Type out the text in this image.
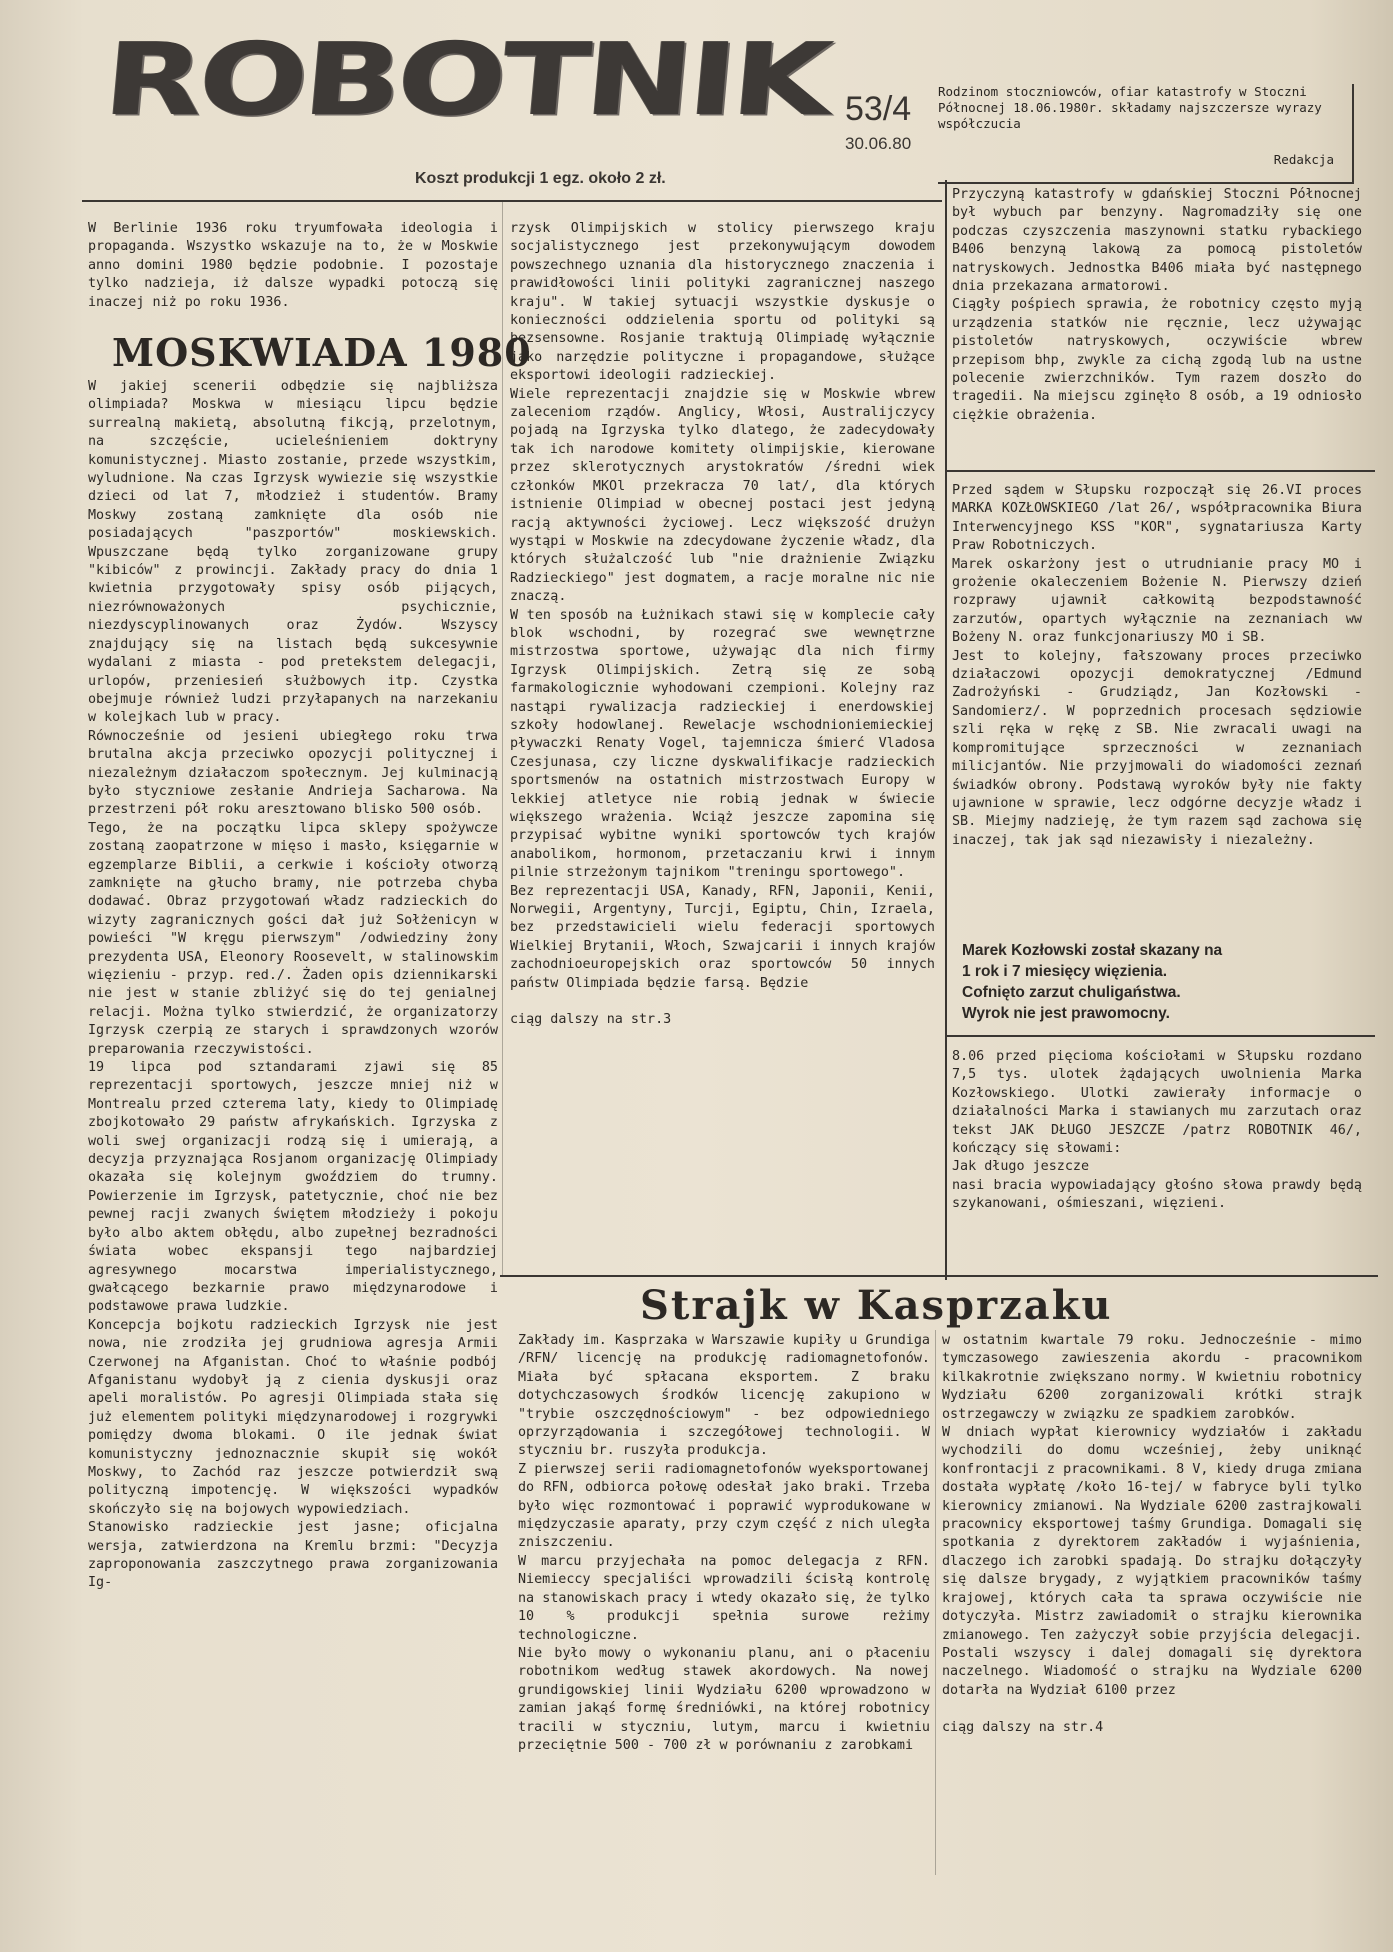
ROBOTNIK 53/4
30.06.80
Rodzinom stoczniowców, ofiar katastrofy w Stoczni Północnej 18.06.1980r. składamy najszczersze wyrazy współczucia
Redakcja
Koszt produkcji 1 egz. około 2 zł.
W Berlinie 1936 roku tryumfowała ideologia i propaganda. Wszystko wskazuje na to, że w Moskwie anno domini 1980 będzie podobnie. I pozostaje tylko nadzieja, iż dalsze wypadki potoczą się inaczej niż po roku 1936.
MOSKWIADA 1980
W jakiej scenerii odbędzie się najbliższa olimpiada? Moskwa w miesiącu lipcu będzie surrealną makietą, absolutną fikcją, przelotnym, na szczęście, ucieleśnieniem doktryny komunistycznej. Miasto zostanie, przede wszystkim, wyludnione. Na czas Igrzysk wywiezie się wszystkie dzieci od lat 7, młodzież i studentów. Bramy Moskwy zostaną zamknięte dla osób nie posiadających "paszportów" moskiewskich. Wpuszczane będą tylko zorganizowane grupy "kibiców" z prowincji. Zakłady pracy do dnia 1 kwietnia przygotowały spisy osób pijących, niezrównoważonych psychicznie, niezdyscyplinowanych oraz Żydów. Wszyscy znajdujący się na listach będą sukcesywnie wydalani z miasta - pod pretekstem delegacji, urlopów, przeniesień służbowych itp. Czystka obejmuje również ludzi przyłapanych na narzekaniu w kolejkach lub w pracy.
Równocześnie od jesieni ubiegłego roku trwa brutalna akcja przeciwko opozycji politycznej i niezależnym działaczom społecznym. Jej kulminacją było styczniowe zesłanie Andrieja Sacharowa. Na przestrzeni pół roku aresztowano blisko 500 osób.
Tego, że na początku lipca sklepy spożywcze zostaną zaopatrzone w mięso i masło, księgarnie w egzemplarze Biblii, a cerkwie i kościoły otworzą zamknięte na głucho bramy, nie potrzeba chyba dodawać. Obraz przygotowań władz radzieckich do wizyty zagranicznych gości dał już Sołżenicyn w powieści "W kręgu pierwszym" /odwiedziny żony prezydenta USA, Eleonory Roosevelt, w stalinowskim więzieniu - przyp. red./. Żaden opis dziennikarski nie jest w stanie zbliżyć się do tej genialnej relacji. Można tylko stwierdzić, że organizatorzy Igrzysk czerpią ze starych i sprawdzonych wzorów preparowania rzeczywistości.
19 lipca pod sztandarami zjawi się 85 reprezentacji sportowych, jeszcze mniej niż w Montrealu przed czterema laty, kiedy to Olimpiadę zbojkotowało 29 państw afrykańskich. Igrzyska z woli swej organizacji rodzą się i umierają, a decyzja przyznająca Rosjanom organizację Olimpiady okazała się kolejnym gwoździem do trumny. Powierzenie im Igrzysk, patetycznie, choć nie bez pewnej racji zwanych świętem młodzieży i pokoju było albo aktem obłędu, albo zupełnej bezradności świata wobec ekspansji tego najbardziej agresywnego mocarstwa imperialistycznego, gwałcącego bezkarnie prawo międzynarodowe i podstawowe prawa ludzkie.
Koncepcja bojkotu radzieckich Igrzysk nie jest nowa, nie zrodziła jej grudniowa agresja Armii Czerwonej na Afganistan. Choć to właśnie podbój Afganistanu wydobył ją z cienia dyskusji oraz apeli moralistów. Po agresji Olimpiada stała się już elementem polityki międzynarodowej i rozgrywki pomiędzy dwoma blokami. O ile jednak świat komunistyczny jednoznacznie skupił się wokół Moskwy, to Zachód raz jeszcze potwierdził swą polityczną impotencję. W większości wypadków skończyło się na bojowych wypowiedziach.
Stanowisko radzieckie jest jasne; oficjalna wersja, zatwierdzona na Kremlu brzmi: "Decyzja zaproponowania zaszczytnego prawa zorganizowania Ig-
rzysk Olimpijskich w stolicy pierwszego kraju socjalistycznego jest przekonywującym dowodem powszechnego uznania dla historycznego znaczenia i prawidłowości linii polityki zagranicznej naszego kraju". W takiej sytuacji wszystkie dyskusje o konieczności oddzielenia sportu od polityki są bezsensowne. Rosjanie traktują Olimpiadę wyłącznie jako narzędzie polityczne i propagandowe, służące eksportowi ideologii radzieckiej.
Wiele reprezentacji znajdzie się w Moskwie wbrew zaleceniom rządów. Anglicy, Włosi, Australijczycy pojadą na Igrzyska tylko dlatego, że zadecydowały tak ich narodowe komitety olimpijskie, kierowane przez sklerotycznych arystokratów /średni wiek członków MKOl przekracza 70 lat/, dla których istnienie Olimpiad w obecnej postaci jest jedyną racją aktywności życiowej. Lecz większość drużyn wystąpi w Moskwie na zdecydowane życzenie władz, dla których służalczość lub "nie drażnienie Związku Radzieckiego" jest dogmatem, a racje moralne nic nie znaczą.
W ten sposób na Łużnikach stawi się w komplecie cały blok wschodni, by rozegrać swe wewnętrzne mistrzostwa sportowe, używając dla nich firmy Igrzysk Olimpijskich. Zetrą się ze sobą farmakologicznie wyhodowani czempioni. Kolejny raz nastąpi rywalizacja radzieckiej i enerdowskiej szkoły hodowlanej. Rewelacje wschodnioniemieckiej pływaczki Renaty Vogel, tajemnicza śmierć Vladosa Czesjunasa, czy liczne dyskwalifikacje radzieckich sportsmenów na ostatnich mistrzostwach Europy w lekkiej atletyce nie robią jednak w świecie większego wrażenia. Wciąż jeszcze zapomina się przypisać wybitne wyniki sportowców tych krajów anabolikom, hormonom, przetaczaniu krwi i innym pilnie strzeżonym tajnikom "treningu sportowego".
Bez reprezentacji USA, Kanady, RFN, Japonii, Kenii, Norwegii, Argentyny, Turcji, Egiptu, Chin, Izraela, bez przedstawicieli wielu federacji sportowych Wielkiej Brytanii, Włoch, Szwajcarii i innych krajów zachodnioeuropejskich oraz sportowców 50 innych państw Olimpiada będzie farsą. Będzie

ciąg dalszy na str.3
Przyczyną katastrofy w gdańskiej Stoczni Północnej był wybuch par benzyny. Nagromadziły się one podczas czyszczenia maszynowni statku rybackiego B406 benzyną lakową za pomocą pistoletów natryskowych. Jednostka B406 miała być następnego dnia przekazana armatorowi.
Ciągły pośpiech sprawia, że robotnicy często myją urządzenia statków nie ręcznie, lecz używając pistoletów natryskowych, oczywiście wbrew przepisom bhp, zwykle za cichą zgodą lub na ustne polecenie zwierzchników. Tym razem doszło do tragedii. Na miejscu zginęło 8 osób, a 19 odniosło ciężkie obrażenia.
Przed sądem w Słupsku rozpoczął się 26.VI proces MARKA KOZŁOWSKIEGO /lat 26/, współpracownika Biura Interwencyjnego KSS "KOR", sygnatariusza Karty Praw Robotniczych.
Marek oskarżony jest o utrudnianie pracy MO i grożenie okaleczeniem Bożenie N. Pierwszy dzień rozprawy ujawnił całkowitą bezpodstawność zarzutów, opartych wyłącznie na zeznaniach ww Bożeny N. oraz funkcjonariuszy MO i SB.
Jest to kolejny, fałszowany proces przeciwko działaczowi opozycji demokratycznej /Edmund Zadrożyński - Grudziądz, Jan Kozłowski - Sandomierz/. W poprzednich procesach sędziowie szli ręka w rękę z SB. Nie zwracali uwagi na kompromitujące sprzeczności w zeznaniach milicjantów. Nie przyjmowali do wiadomości zeznań świadków obrony. Podstawą wyroków były nie fakty ujawnione w sprawie, lecz odgórne decyzje władz i SB. Miejmy nadzieję, że tym razem sąd zachowa się inaczej, tak jak sąd niezawisły i niezależny.
Marek Kozłowski został skazany na
1 rok i 7 miesięcy więzienia.
Cofnięto zarzut chuligaństwa.
Wyrok nie jest prawomocny.
8.06 przed pięcioma kościołami w Słupsku rozdano 7,5 tys. ulotek żądających uwolnienia Marka Kozłowskiego. Ulotki zawierały informacje o działalności Marka i stawianych mu zarzutach oraz tekst JAK DŁUGO JESZCZE /patrz ROBOTNIK 46/, kończący się słowami:
Jak długo jeszcze
nasi bracia wypowiadający głośno słowa prawdy będą szykanowani, ośmieszani, więzieni.
Strajk w Kasprzaku
Zakłady im. Kasprzaka w Warszawie kupiły u Grundiga /RFN/ licencję na produkcję radiomagnetofonów. Miała być spłacana eksportem. Z braku dotychczasowych środków licencję zakupiono w "trybie oszczędnościowym" - bez odpowiedniego oprzyrządowania i szczegółowej technologii. W styczniu br. ruszyła produkcja.
Z pierwszej serii radiomagnetofonów wyeksportowanej do RFN, odbiorca połowę odesłał jako braki. Trzeba było więc rozmontować i poprawić wyprodukowane w międzyczasie aparaty, przy czym część z nich uległa zniszczeniu.
W marcu przyjechała na pomoc delegacja z RFN. Niemieccy specjaliści wprowadzili ścisłą kontrolę na stanowiskach pracy i wtedy okazało się, że tylko 10 % produkcji spełnia surowe reżimy technologiczne.
Nie było mowy o wykonaniu planu, ani o płaceniu robotnikom według stawek akordowych. Na nowej grundigowskiej linii Wydziału 6200 wprowadzono w zamian jakąś formę średniówki, na której robotnicy tracili w styczniu, lutym, marcu i kwietniu przeciętnie 500 - 700 zł w porównaniu z zarobkami
w ostatnim kwartale 79 roku. Jednocześnie - mimo tymczasowego zawieszenia akordu - pracownikom kilkakrotnie zwiększano normy. W kwietniu robotnicy Wydziału 6200 zorganizowali krótki strajk ostrzegawczy w związku ze spadkiem zarobków.
W dniach wypłat kierownicy wydziałów i zakładu wychodzili do domu wcześniej, żeby uniknąć konfrontacji z pracownikami. 8 V, kiedy druga zmiana dostała wypłatę /koło 16-tej/ w fabryce byli tylko kierownicy zmianowi. Na Wydziale 6200 zastrajkowali pracownicy eksportowej taśmy Grundiga. Domagali się spotkania z dyrektorem zakładów i wyjaśnienia, dlaczego ich zarobki spadają. Do strajku dołączyły się dalsze brygady, z wyjątkiem pracowników taśmy krajowej, których cała ta sprawa oczywiście nie dotyczyła. Mistrz zawiadomił o strajku kierownika zmianowego. Ten zażyczył sobie przyjścia delegacji. Postali wszyscy i dalej domagali się dyrektora naczelnego. Wiadomość o strajku na Wydziale 6200 dotarła na Wydział 6100 przez

ciąg dalszy na str.4
